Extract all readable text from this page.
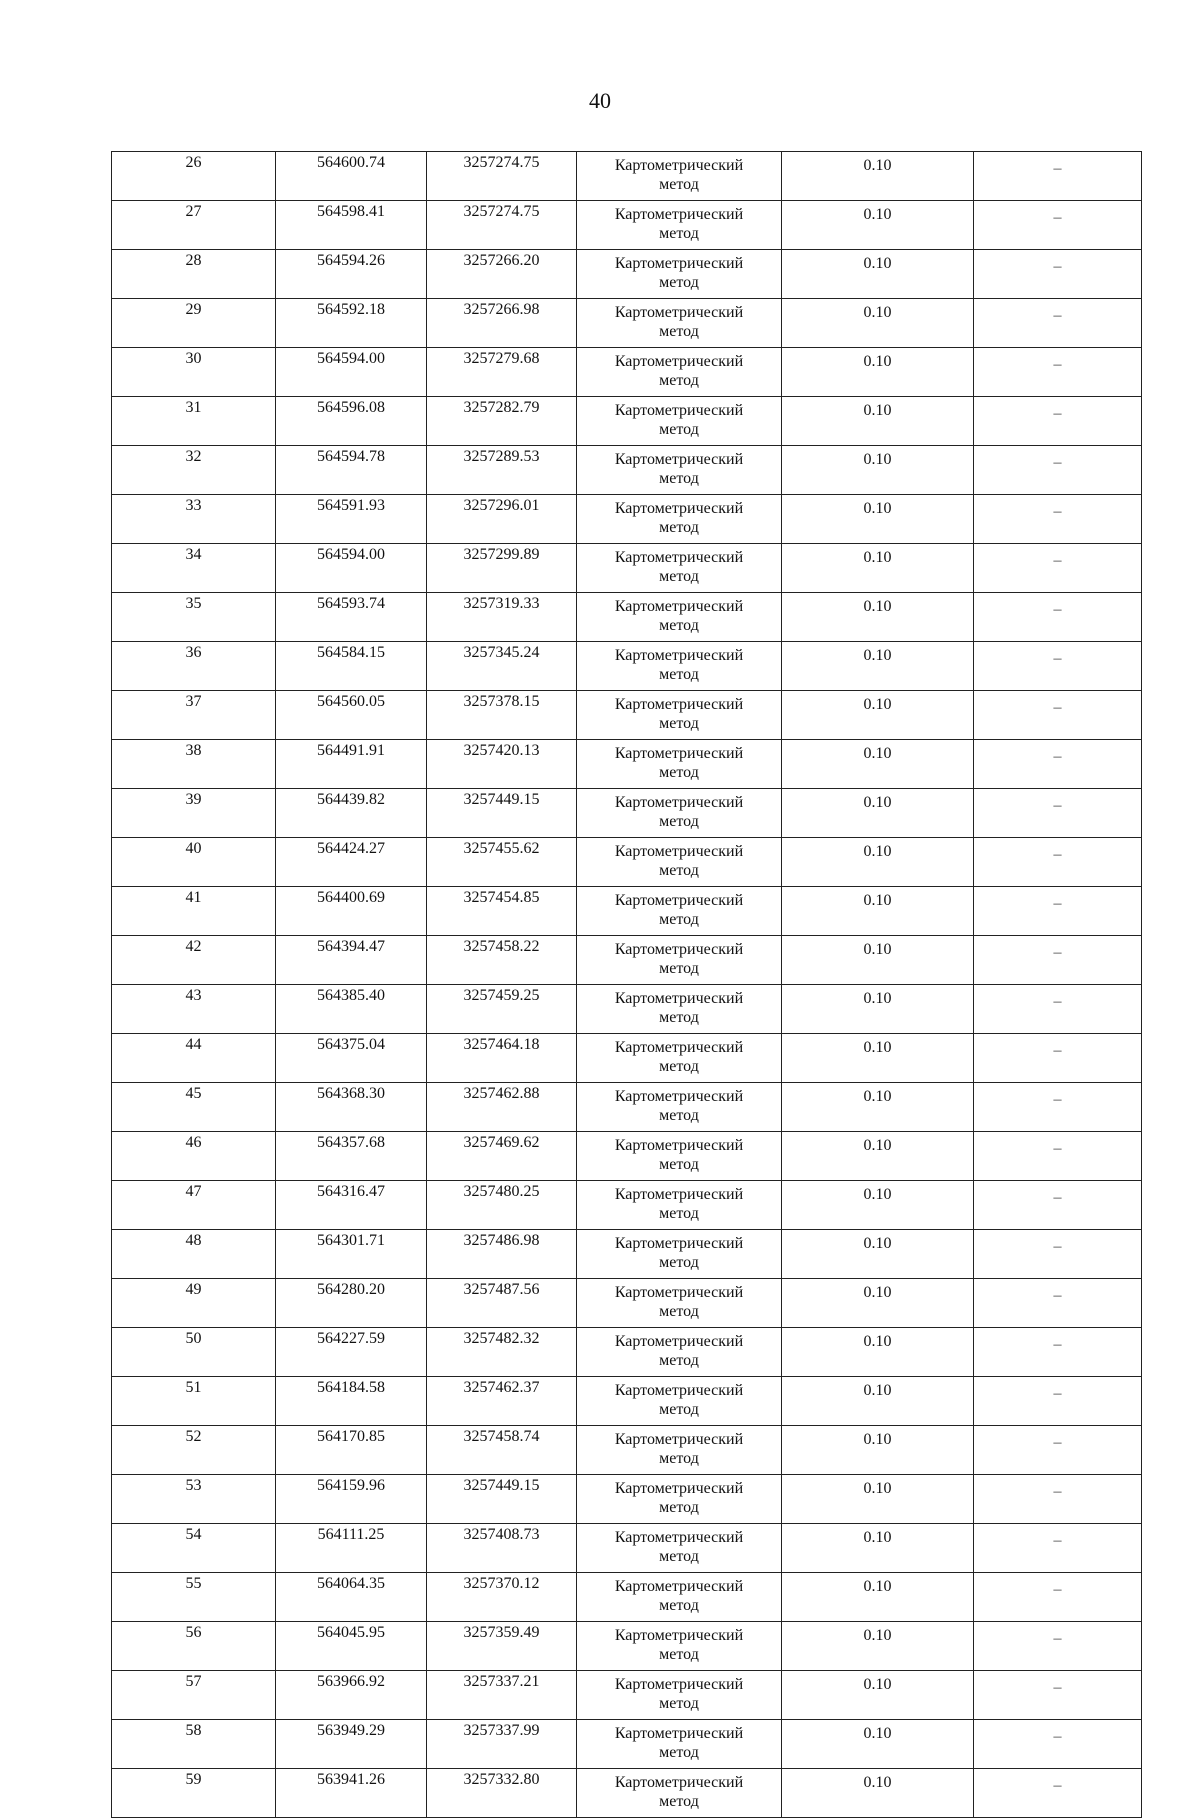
40
26	564600.74	3257274.75	Картометрический
метод	0.10	–
27	564598.41	3257274.75	Картометрический
метод	0.10	–
28	564594.26	3257266.20	Картометрический
метод	0.10	–
29	564592.18	3257266.98	Картометрический
метод	0.10	–
30	564594.00	3257279.68	Картометрический
метод	0.10	–
31	564596.08	3257282.79	Картометрический
метод	0.10	–
32	564594.78	3257289.53	Картометрический
метод	0.10	–
33	564591.93	3257296.01	Картометрический
метод	0.10	–
34	564594.00	3257299.89	Картометрический
метод	0.10	–
35	564593.74	3257319.33	Картометрический
метод	0.10	–
36	564584.15	3257345.24	Картометрический
метод	0.10	–
37	564560.05	3257378.15	Картометрический
метод	0.10	–
38	564491.91	3257420.13	Картометрический
метод	0.10	–
39	564439.82	3257449.15	Картометрический
метод	0.10	–
40	564424.27	3257455.62	Картометрический
метод	0.10	–
41	564400.69	3257454.85	Картометрический
метод	0.10	–
42	564394.47	3257458.22	Картометрический
метод	0.10	–
43	564385.40	3257459.25	Картометрический
метод	0.10	–
44	564375.04	3257464.18	Картометрический
метод	0.10	–
45	564368.30	3257462.88	Картометрический
метод	0.10	–
46	564357.68	3257469.62	Картометрический
метод	0.10	–
47	564316.47	3257480.25	Картометрический
метод	0.10	–
48	564301.71	3257486.98	Картометрический
метод	0.10	–
49	564280.20	3257487.56	Картометрический
метод	0.10	–
50	564227.59	3257482.32	Картометрический
метод	0.10	–
51	564184.58	3257462.37	Картометрический
метод	0.10	–
52	564170.85	3257458.74	Картометрический
метод	0.10	–
53	564159.96	3257449.15	Картометрический
метод	0.10	–
54	564111.25	3257408.73	Картометрический
метод	0.10	–
55	564064.35	3257370.12	Картометрический
метод	0.10	–
56	564045.95	3257359.49	Картометрический
метод	0.10	–
57	563966.92	3257337.21	Картометрический
метод	0.10	–
58	563949.29	3257337.99	Картометрический
метод	0.10	–
59	563941.26	3257332.80	Картометрический
метод	0.10	–
